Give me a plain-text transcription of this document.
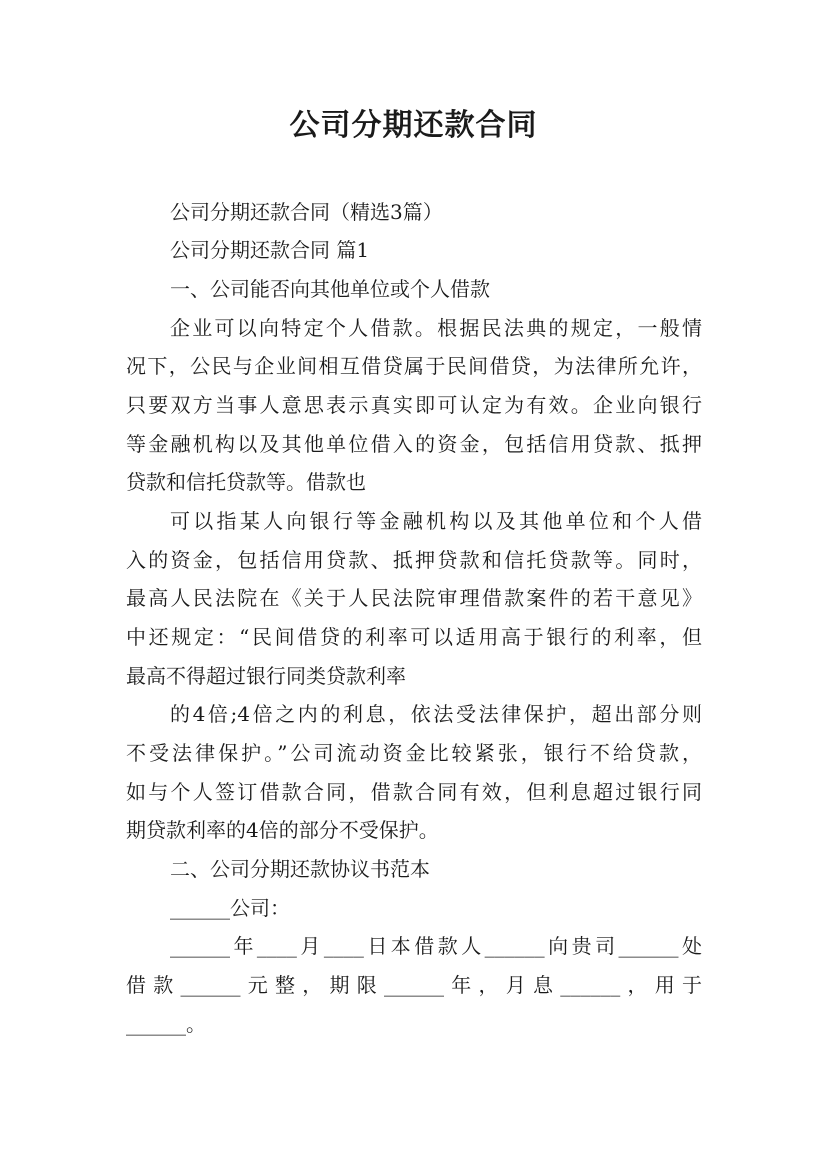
公司分期还款合同

公司分期还款合同（精选3篇）

公司分期还款合同 篇1

一、公司能否向其他单位或个人借款

企业可以向特定个人借款。根据民法典的规定，一般情

况下，公民与企业间相互借贷属于民间借贷，为法律所允许，

只要双方当事人意思表示真实即可认定为有效。企业向银行

等金融机构以及其他单位借入的资金，包括信用贷款、抵押

贷款和信托贷款等。借款也

可以指某人向银行等金融机构以及其他单位和个人借

入的资金，包括信用贷款、抵押贷款和信托贷款等。同时，

最高人民法院在《关于人民法院审理借款案件的若干意见》

中还规定：“民间借贷的利率可以适用高于银行的利率，但

最高不得超过银行同类贷款利率

的4倍;4倍之内的利息，依法受法律保护，超出部分则

不受法律保护。”公司流动资金比较紧张，银行不给贷款，

如与个人签订借款合同，借款合同有效，但利息超过银行同

期贷款利率的4倍的部分不受保护。

二、公司分期还款协议书范本

______公司：

______年____月____日本借款人______向贵司______处

借款______元整，期限______年，月息______，用于

______。
